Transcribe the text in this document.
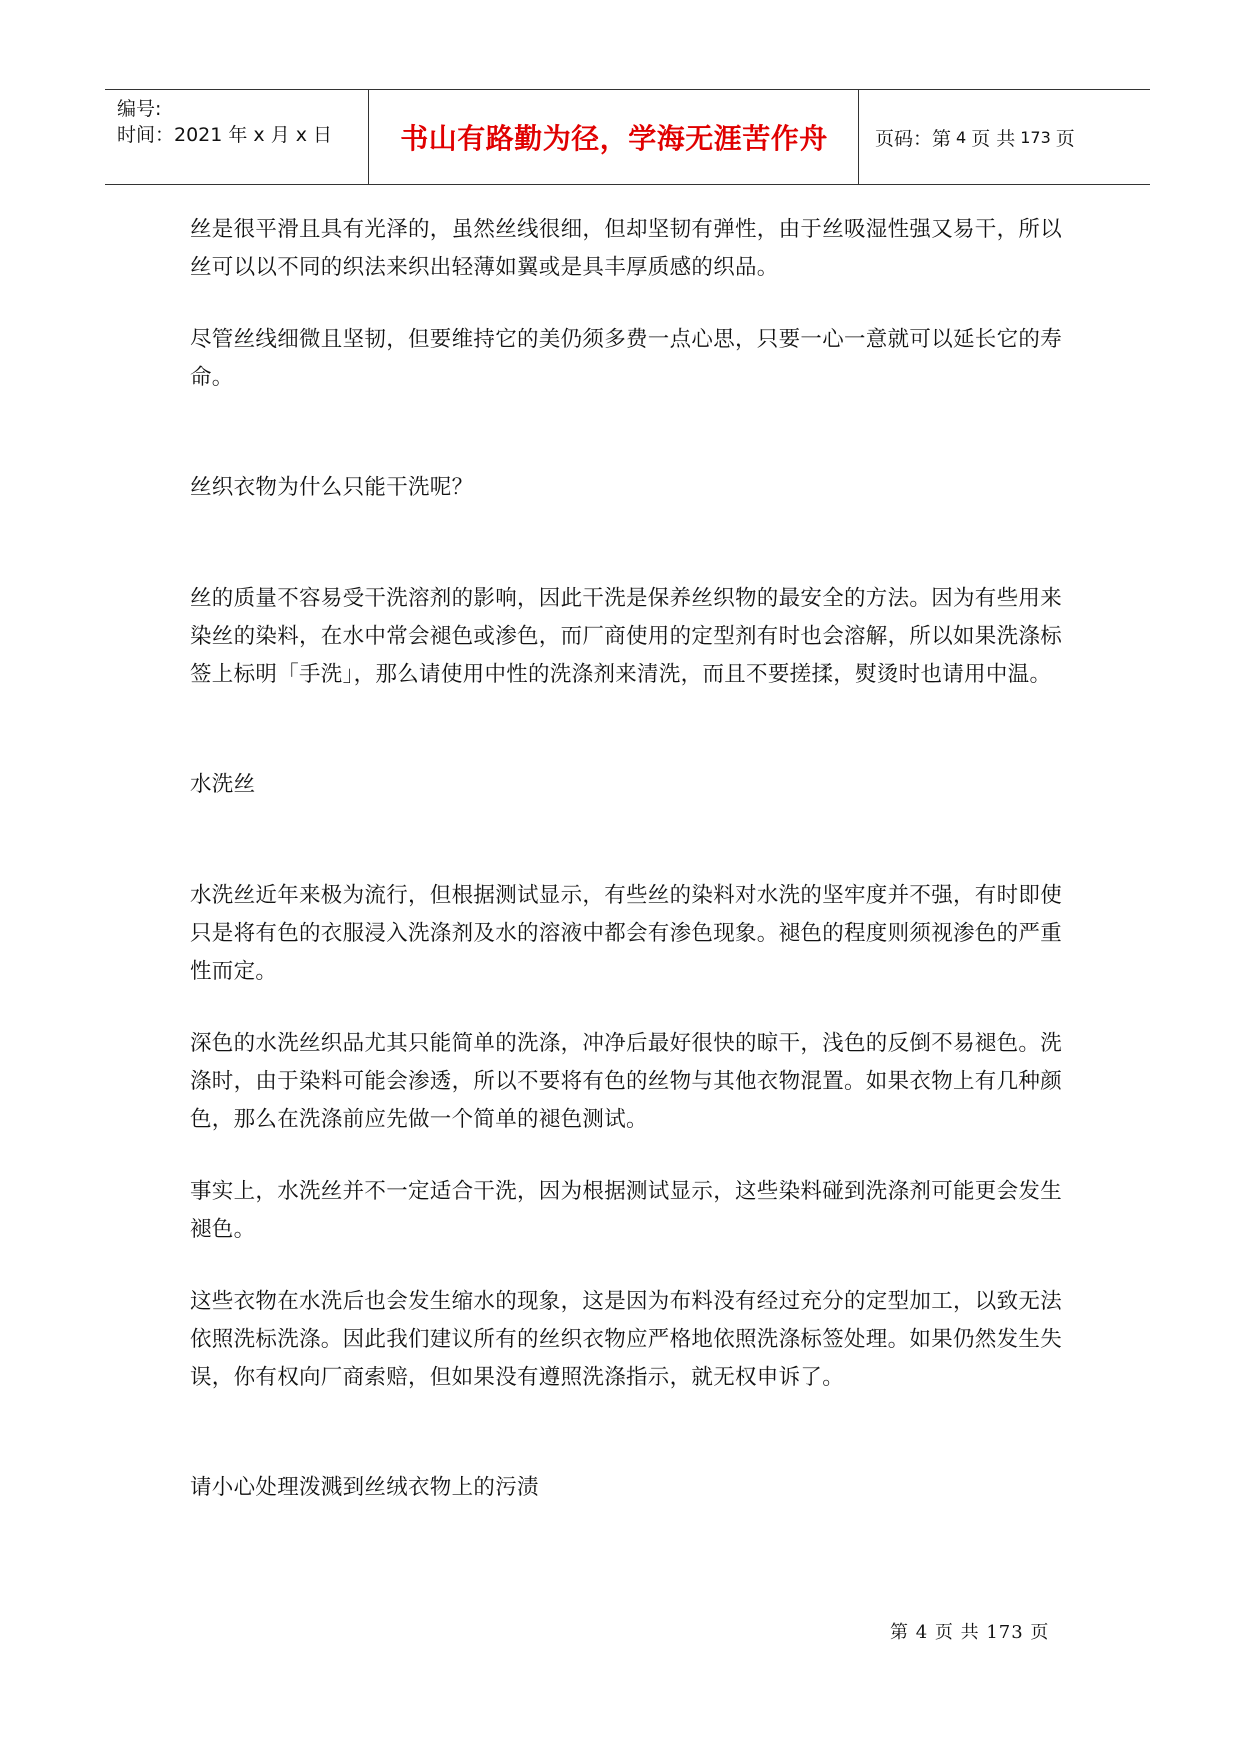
编号:
时间：2021 年 x 月 x 日	书山有路勤为径，学海无涯苦作舟	页码：第 4 页 共 173 页

丝是很平滑且具有光泽的，虽然丝线很细，但却坚韧有弹性，由于丝吸湿性强又易干，所以丝可以以不同的织法来织出轻薄如翼或是具丰厚质感的织品。

尽管丝线细微且坚韧，但要维持它的美仍须多费一点心思，只要一心一意就可以延长它的寿命。

丝织衣物为什么只能干洗呢？

丝的质量不容易受干洗溶剂的影响，因此干洗是保养丝织物的最安全的方法。因为有些用来染丝的染料，在水中常会褪色或渗色，而厂商使用的定型剂有时也会溶解，所以如果洗涤标签上标明「手洗」，那么请使用中性的洗涤剂来清洗，而且不要搓揉，熨烫时也请用中温。

水洗丝

水洗丝近年来极为流行，但根据测试显示，有些丝的染料对水洗的坚牢度并不强，有时即使只是将有色的衣服浸入洗涤剂及水的溶液中都会有渗色现象。褪色的程度则须视渗色的严重性而定。

深色的水洗丝织品尤其只能简单的洗涤，冲净后最好很快的晾干，浅色的反倒不易褪色。洗涤时，由于染料可能会渗透，所以不要将有色的丝物与其他衣物混置。如果衣物上有几种颜色，那么在洗涤前应先做一个简单的褪色测试。

事实上，水洗丝并不一定适合干洗，因为根据测试显示，这些染料碰到洗涤剂可能更会发生褪色。

这些衣物在水洗后也会发生缩水的现象，这是因为布料没有经过充分的定型加工，以致无法依照洗标洗涤。因此我们建议所有的丝织衣物应严格地依照洗涤标签处理。如果仍然发生失误，你有权向厂商索赔，但如果没有遵照洗涤指示，就无权申诉了。

请小心处理泼溅到丝绒衣物上的污渍

第 4 页 共 173 页
